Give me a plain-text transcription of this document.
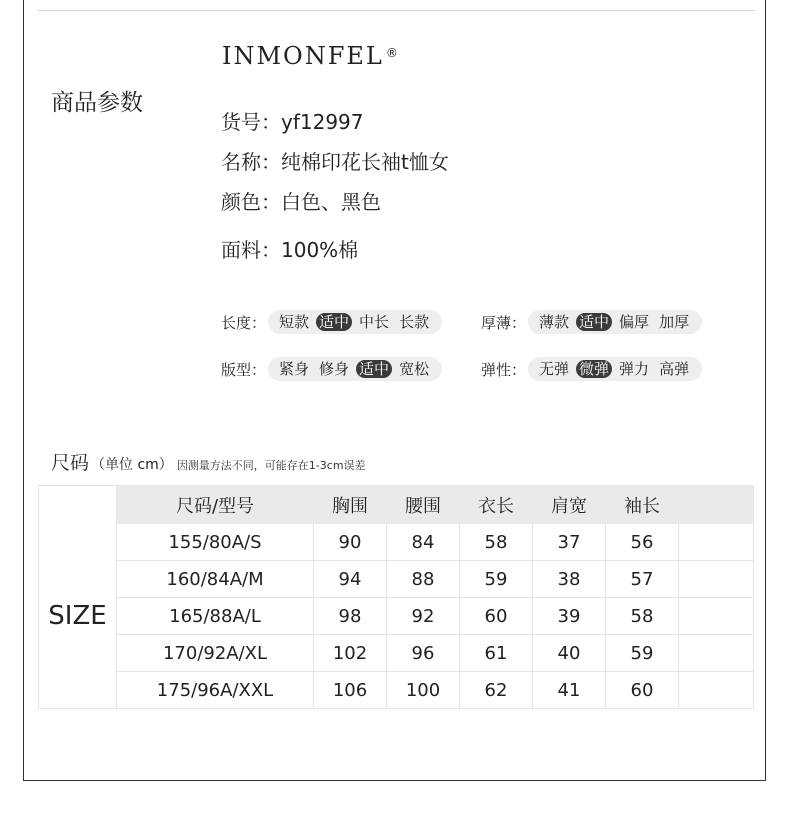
商品参数
INMONFEL ®
货号：yf12997
名称：纯棉印花长袖t恤女
颜色：白色、黑色
面料：100%棉
长度： 短款 适中 中长 长款	厚薄： 薄款 适中 偏厚 加厚
版型： 紧身 修身 适中 宽松	弹性： 无弹 微弹 弹力 高弹
尺码 （单位 cm） 因测量方法不同，可能存在1-3cm误差
	尺码/型号	胸围	腰围	衣长	肩宽	袖长	
SIZE	155/80A/S	90	84	58	37	56	
	160/84A/M	94	88	59	38	57	
	165/88A/L	98	92	60	39	58	
	170/92A/XL	102	96	61	40	59	
	175/96A/XXL	106	100	62	41	60	
